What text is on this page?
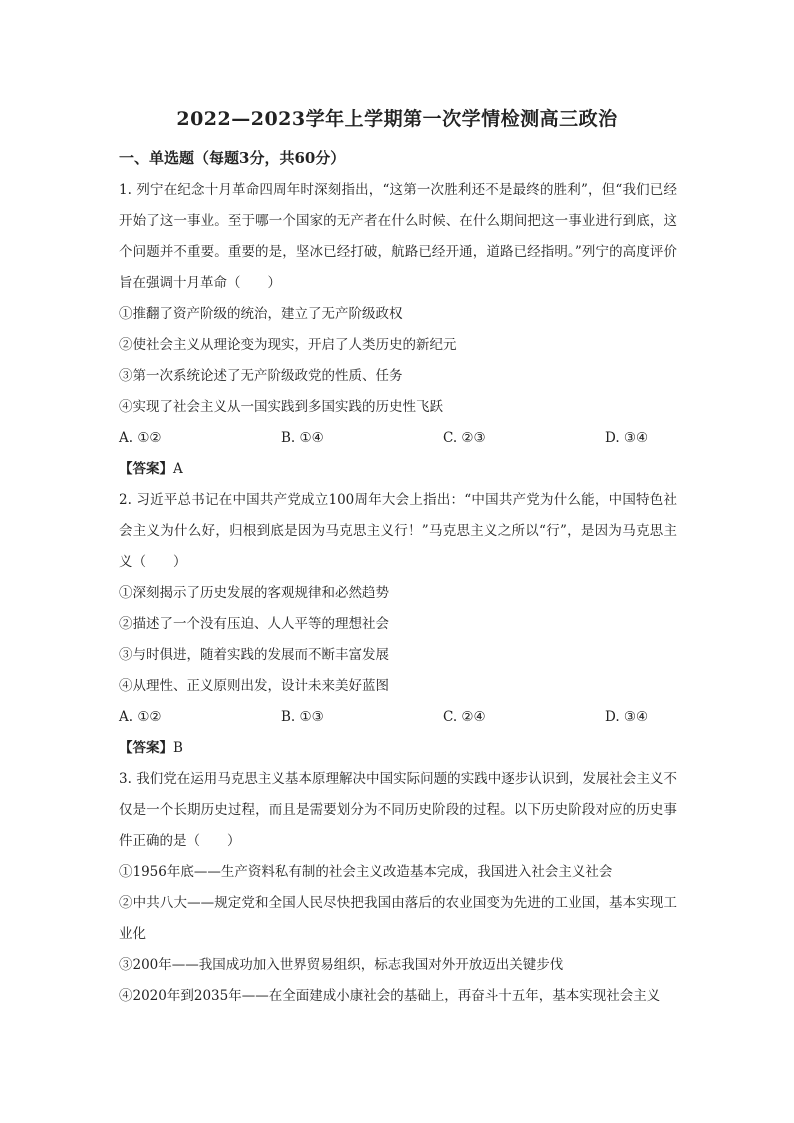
2022—2023学年上学期第一次学情检测高三政治
一、单选题（每题3分，共60分）

1. 列宁在纪念十月革命四周年时深刻指出，“这第一次胜利还不是最终的胜利”，但“我们已经开始了这一事业。至于哪一个国家的无产者在什么时候、在什么期间把这一事业进行到底，这个问题并不重要。重要的是，坚冰已经打破，航路已经开通，道路已经指明。”列宁的高度评价旨在强调十月革命（　　）

①推翻了资产阶级的统治，建立了无产阶级政权

②使社会主义从理论变为现实，开启了人类历史的新纪元

③第一次系统论述了无产阶级政党的性质、任务

④实现了社会主义从一国实践到多国实践的历史性飞跃

A. ①②	B. ①④	C. ②③	D. ③④

【答案】A

2. 习近平总书记在中国共产党成立100周年大会上指出：“中国共产党为什么能，中国特色社会主义为什么好，归根到底是因为马克思主义行！”马克思主义之所以“行”，是因为马克思主义（　　）

①深刻揭示了历史发展的客观规律和必然趋势

②描述了一个没有压迫、人人平等的理想社会

③与时俱进，随着实践的发展而不断丰富发展

④从理性、正义原则出发，设计未来美好蓝图

A. ①②	B. ①③	C. ②④	D. ③④

【答案】B

3. 我们党在运用马克思主义基本原理解决中国实际问题的实践中逐步认识到，发展社会主义不仅是一个长期历史过程，而且是需要划分为不同历史阶段的过程。以下历史阶段对应的历史事件正确的是（　　）

①1956年底——生产资料私有制的社会主义改造基本完成，我国进入社会主义社会

②中共八大——规定党和全国人民尽快把我国由落后的农业国变为先进的工业国，基本实现工业化

③200年——我国成功加入世界贸易组织，标志我国对外开放迈出关键步伐

④2020年到2035年——在全面建成小康社会的基础上，再奋斗十五年，基本实现社会主义
